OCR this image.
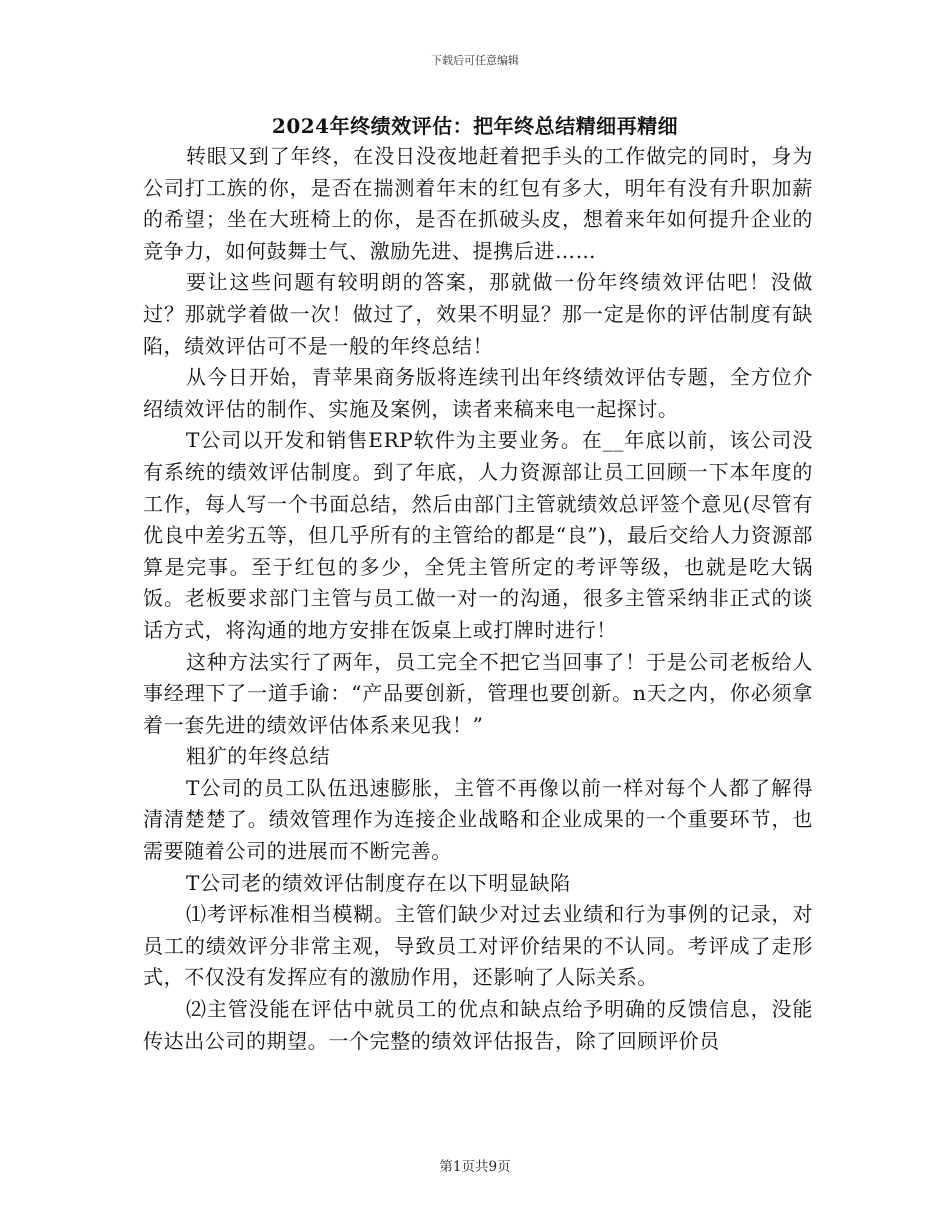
下载后可任意编辑
2024年终绩效评估：把年终总结精细再精细

转眼又到了年终，在没日没夜地赶着把手头的工作做完的同时，身为公司打工族的你，是否在揣测着年末的红包有多大，明年有没有升职加薪的希望；坐在大班椅上的你，是否在抓破头皮，想着来年如何提升企业的竞争力，如何鼓舞士气、激励先进、提携后进……

要让这些问题有较明朗的答案，那就做一份年终绩效评估吧！没做过？那就学着做一次！做过了，效果不明显？那一定是你的评估制度有缺陷，绩效评估可不是一般的年终总结！

从今日开始，青苹果商务版将连续刊出年终绩效评估专题，全方位介绍绩效评估的制作、实施及案例，读者来稿来电一起探讨。

T公司以开发和销售ERP软件为主要业务。在__年底以前，该公司没有系统的绩效评估制度。到了年底，人力资源部让员工回顾一下本年度的工作，每人写一个书面总结，然后由部门主管就绩效总评签个意见(尽管有优良中差劣五等，但几乎所有的主管给的都是“良”)，最后交给人力资源部算是完事。至于红包的多少，全凭主管所定的考评等级，也就是吃大锅饭。老板要求部门主管与员工做一对一的沟通，很多主管采纳非正式的谈话方式，将沟通的地方安排在饭桌上或打牌时进行！

这种方法实行了两年，员工完全不把它当回事了！于是公司老板给人事经理下了一道手谕：“产品要创新，管理也要创新。n天之内，你必须拿着一套先进的绩效评估体系来见我！”

粗犷的年终总结

T公司的员工队伍迅速膨胀，主管不再像以前一样对每个人都了解得清清楚楚了。绩效管理作为连接企业战略和企业成果的一个重要环节，也需要随着公司的进展而不断完善。

T公司老的绩效评估制度存在以下明显缺陷

⑴考评标准相当模糊。主管们缺少对过去业绩和行为事例的记录，对员工的绩效评分非常主观，导致员工对评价结果的不认同。考评成了走形式，不仅没有发挥应有的激励作用，还影响了人际关系。

⑵主管没能在评估中就员工的优点和缺点给予明确的反馈信息，没能传达出公司的期望。一个完整的绩效评估报告，除了回顾评价员

第1页共9页
